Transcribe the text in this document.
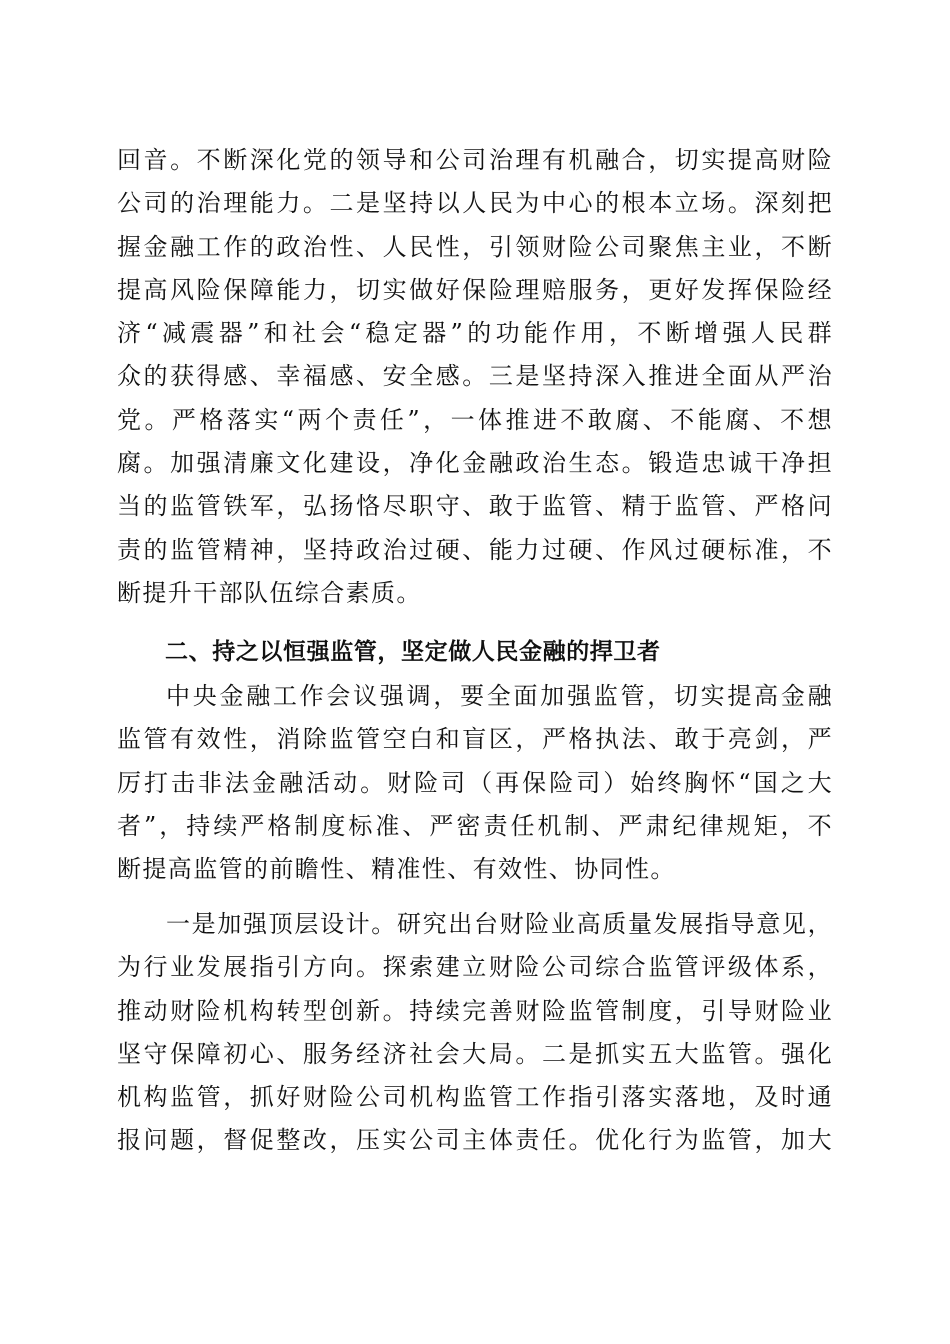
回音。不断深化党的领导和公司治理有机融合，切实提高财险
公司的治理能力。二是坚持以人民为中心的根本立场。深刻把
握金融工作的政治性、人民性，引领财险公司聚焦主业，不断
提高风险保障能力，切实做好保险理赔服务，更好发挥保险经
济“减震器”和社会“稳定器”的功能作用，不断增强人民群
众的获得感、幸福感、安全感。三是坚持深入推进全面从严治
党。严格落实“两个责任”，一体推进不敢腐、不能腐、不想
腐。加强清廉文化建设，净化金融政治生态。锻造忠诚干净担
当的监管铁军，弘扬恪尽职守、敢于监管、精于监管、严格问
责的监管精神，坚持政治过硬、能力过硬、作风过硬标准，不
断提升干部队伍综合素质。
二、持之以恒强监管，坚定做人民金融的捍卫者
中央金融工作会议强调，要全面加强监管，切实提高金融
监管有效性，消除监管空白和盲区，严格执法、敢于亮剑，严
厉打击非法金融活动。财险司（再保险司）始终胸怀“国之大
者”，持续严格制度标准、严密责任机制、严肃纪律规矩，不
断提高监管的前瞻性、精准性、有效性、协同性。
一是加强顶层设计。研究出台财险业高质量发展指导意见，
为行业发展指引方向。探索建立财险公司综合监管评级体系，
推动财险机构转型创新。持续完善财险监管制度，引导财险业
坚守保障初心、服务经济社会大局。二是抓实五大监管。强化
机构监管，抓好财险公司机构监管工作指引落实落地，及时通
报问题，督促整改，压实公司主体责任。优化行为监管，加大
